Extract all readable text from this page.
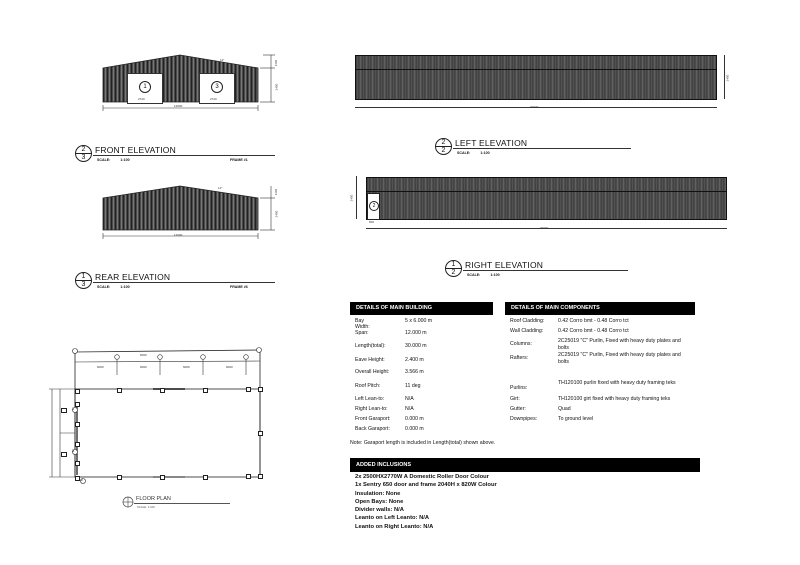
1	3
2720	2720
12000
11°
2400
1166
2
3
FRONT ELEVATION
SCALE:	1:100	FRAME #1
12000
11°
2400
1166
1
3
REAR ELEVATION
SCALE:	1:100	FRAME #6
30000
2400
2
2
LEFT ELEVATION
SCALE:	1:100
2
500
30000
2400
1
2
RIGHT ELEVATION
SCALE:	1:100
6000	6000	6000	6000
6000
1
3
2
FLOOR PLAN
SCALE: 1:100
DETAILS OF MAIN BUILDING
Bay Width:
5 x 6.000 m
Span:	12.000 m
Length(total):	30.000 m
Eave Height:	2.400 m
Overall Height:	3.566 m
Roof Pitch:	11 deg
Left Lean-to:	N/A
Right Lean-to:	N/A
Front Garaport:	0.000 m
Back Garaport:	0.000 m
Note: Garaport length is included in Length(total) shown above.
DETAILS OF MAIN COMPONENTS
Roof Cladding:	0.42 Corro bmt - 0.48 Corro tct
Wall Cladding:	0.42 Corro bmt - 0.48 Corro tct
Columns:	2C25019 "C" Purlin, Fixed with heavy duty plates and bolts
Rafters:	2C25019 "C" Purlin, Fixed with heavy duty plates and bolts
Purlins:
TH120100 purlin fixed with heavy duty framing teks
Girt:	TH120100 girt fixed with heavy duty framing teks
Gutter:	Quad
Downpipes:	To ground level
ADDED INCLUSIONS
2x 2500HX2770W A Domestic Roller Door Colour
1x Sentry 650 door and frame 2040H x 820W Colour
Insulation: None
Open Bays: None
Divider walls: N/A
Leanto on Left Leanto: N/A
Leanto on Right Leanto: N/A
